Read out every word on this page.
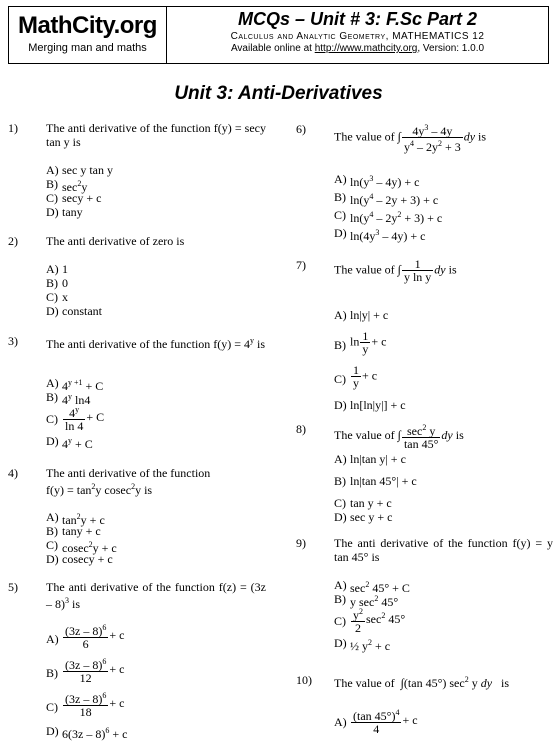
MathCity.org
Merging man and maths
MCQs – Unit # 3: F.Sc Part 2
Calculus and Analytic Geometry, MATHEMATICS 12
Available online at http://www.mathcity.org, Version: 1.0.0
Unit 3: Anti-Derivatives
1) The anti derivative of the function f(y) = secy tan y is
A) sec y tan y
B) $\sec^2y$
C) secy + c
D) tany
2) The anti derivative of zero is
A) 1
B) 0
C) x
D) constant
3) The anti derivative of the function $f(y) = 4^y$ is
A) $4^{y +1} + C$
B) 4$^y$ ln4
$C) \frac{4^y}{\ln 4} + C$
D) $4^y + C$
4) The anti derivative of the function
$f(y) = \tan^2y$ cosec$^2$y is
A) $\tan^2y + c$
B) tany + c
C) cosec$^2$y + c
D) cosecy + c
5) The anti derivative of the function f(z) = (3z – 8)$^3$ is
$A) \frac{(3z - 8)^6}{6} + c$
$B) \frac{(3z - 8)^6}{12} + c$
$C) \frac{(3z - 8)^6}{18} + c$
D) 6(3z – 8)$^6$ + c
6)
The value of ∫ $\frac{4y^3 - 4y}{y^4 - 2y^2 + 3}$ dy is
A) $\ln(y^3 - 4y) + c$
B) $\ln(y^4 - 2y + 3) + c$
C) $\ln(y^4 - 2y^2 + 3) + c$
D) $\ln(4y^3 - 4y) + c$
7) The value of ∫ $\frac{1}{\text{y ln y}}$ dy is
A) ln|y| + c
B) $\ln \frac{1}{y} + c$
$C) \frac{1}{y} + c$
D) ln[ln|y|] + c
8) The value of ∫ $\frac{\sec^2 y}{\tan 45^\circ}$ dy is
A) ln|tan y| + c
B) ln|tan 45°| + c
C) tan y + c
D) sec y + c
9) The anti derivative of the function f(y) = y tan 45° is
A) $\sec^2 45^\circ + C$
B) y $\sec^2 45^\circ$
$C) \frac{y^2}{2} \sec^2 45^\circ$
D) ½ $y^2 + c$
10) The value of  ∫(tan 45°) $\sec^2 y$ dy   is
$A) \frac{(\tan 45^\circ)^4}{4} + c$
